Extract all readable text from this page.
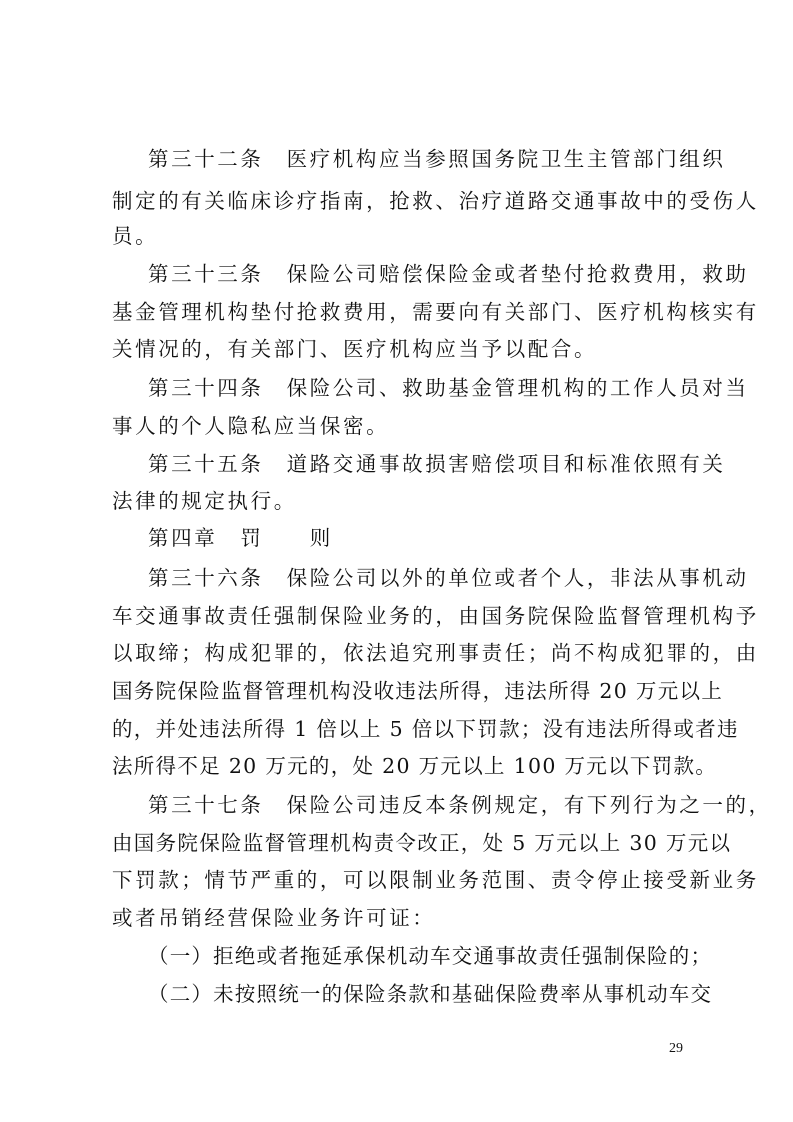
第三十二条　医疗机构应当参照国务院卫生主管部门组织
制定的有关临床诊疗指南，抢救、治疗道路交通事故中的受伤人
员。
第三十三条　保险公司赔偿保险金或者垫付抢救费用，救助
基金管理机构垫付抢救费用，需要向有关部门、医疗机构核实有
关情况的，有关部门、医疗机构应当予以配合。
第三十四条　保险公司、救助基金管理机构的工作人员对当
事人的个人隐私应当保密。
第三十五条　道路交通事故损害赔偿项目和标准依照有关
法律的规定执行。
第四章　罚　　则
第三十六条　保险公司以外的单位或者个人，非法从事机动
车交通事故责任强制保险业务的，由国务院保险监督管理机构予
以取缔；构成犯罪的，依法追究刑事责任；尚不构成犯罪的，由
国务院保险监督管理机构没收违法所得，违法所得 20 万元以上
的，并处违法所得 1 倍以上 5 倍以下罚款；没有违法所得或者违
法所得不足 20 万元的，处 20 万元以上 100 万元以下罚款。
第三十七条　保险公司违反本条例规定，有下列行为之一的，
由国务院保险监督管理机构责令改正，处 5 万元以上 30 万元以
下罚款；情节严重的，可以限制业务范围、责令停止接受新业务
或者吊销经营保险业务许可证：
（一）拒绝或者拖延承保机动车交通事故责任强制保险的；
（二）未按照统一的保险条款和基础保险费率从事机动车交
29
